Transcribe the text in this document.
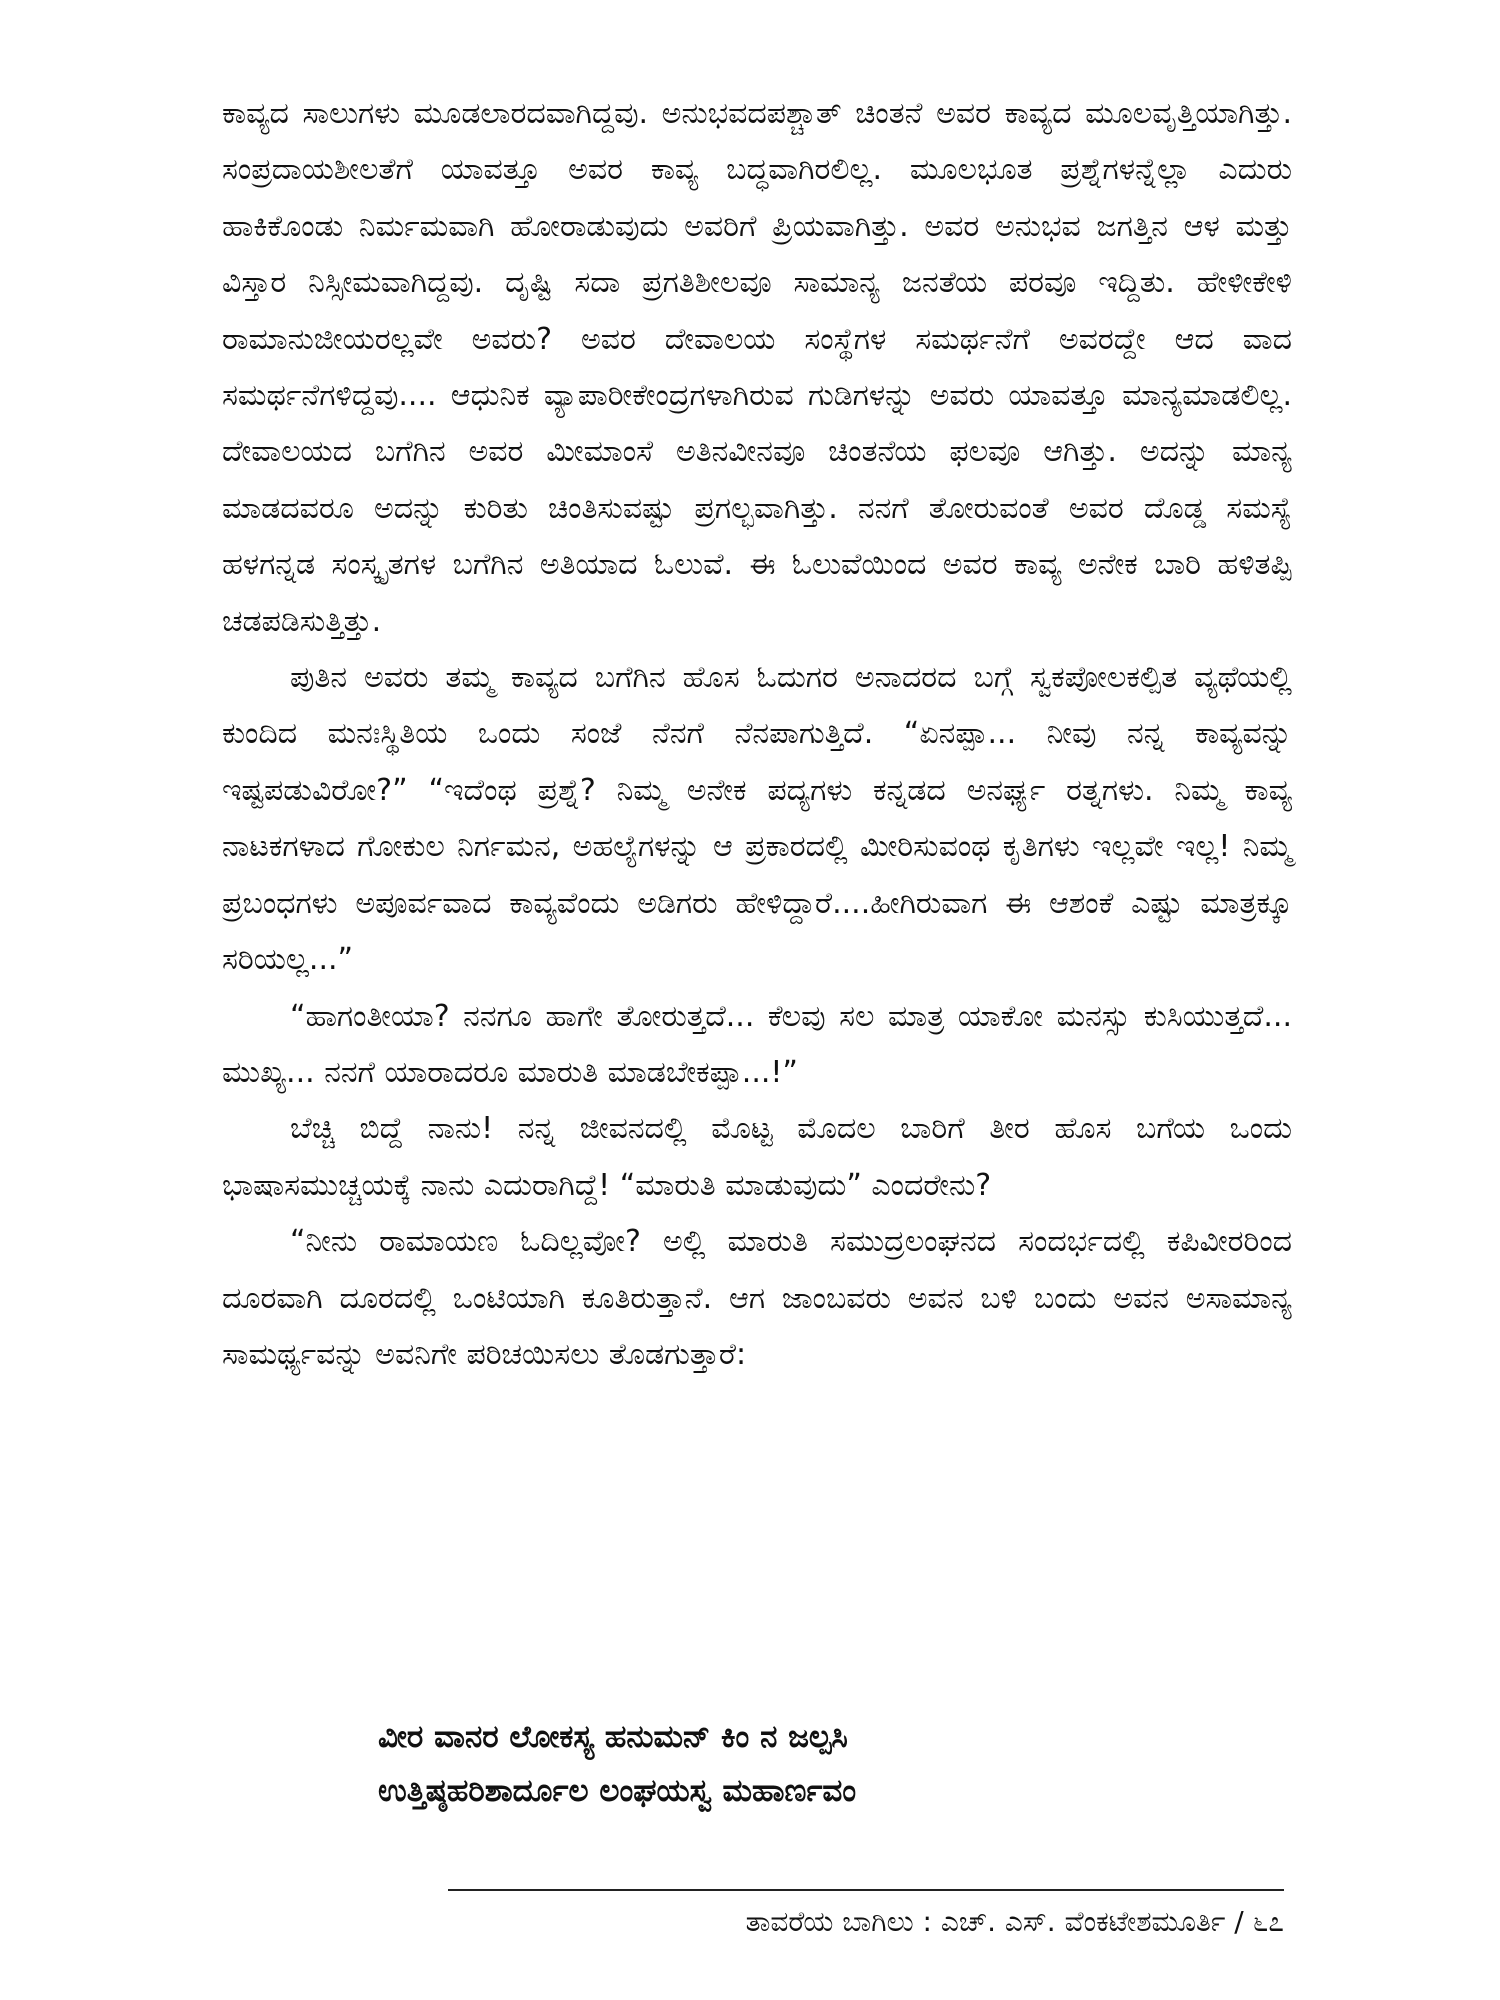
ಕಾವ್ಯದ ಸಾಲುಗಳು ಮೂಡಲಾರದವಾಗಿದ್ದವು. ಅನುಭವದಪಶ್ಚಾತ್ ಚಿಂತನೆ ಅವರ ಕಾವ್ಯದ ಮೂಲವೃತ್ತಿಯಾಗಿತ್ತು. ಸಂಪ್ರದಾಯಶೀಲತೆಗೆ ಯಾವತ್ತೂ ಅವರ ಕಾವ್ಯ ಬದ್ಧವಾಗಿರಲಿಲ್ಲ. ಮೂಲಭೂತ ಪ್ರಶ್ನೆಗಳನ್ನೆಲ್ಲಾ ಎದುರು ಹಾಕಿಕೊಂಡು ನಿರ್ಮಮವಾಗಿ ಹೋರಾಡುವುದು ಅವರಿಗೆ ಪ್ರಿಯವಾಗಿತ್ತು. ಅವರ ಅನುಭವ ಜಗತ್ತಿನ ಆಳ ಮತ್ತು ವಿಸ್ತಾರ ನಿಸ್ಸೀಮವಾಗಿದ್ದವು. ದೃಷ್ಟಿ ಸದಾ ಪ್ರಗತಿಶೀಲವೂ ಸಾಮಾನ್ಯ ಜನತೆಯ ಪರವೂ ಇದ್ದಿತು. ಹೇಳೀಕೇಳಿ ರಾಮಾನುಜೀಯರಲ್ಲವೇ ಅವರು? ಅವರ ದೇವಾಲಯ ಸಂಸ್ಥೆಗಳ ಸಮರ್ಥನೆಗೆ ಅವರದ್ದೇ ಆದ ವಾದ ಸಮರ್ಥನೆಗಳಿದ್ದವು.... ಆಧುನಿಕ ವ್ಯಾಪಾರೀಕೇಂದ್ರಗಳಾಗಿರುವ ಗುಡಿಗಳನ್ನು ಅವರು ಯಾವತ್ತೂ ಮಾನ್ಯಮಾಡಲಿಲ್ಲ. ದೇವಾಲಯದ ಬಗೆಗಿನ ಅವರ ಮೀಮಾಂಸೆ ಅತಿನವೀನವೂ ಚಿಂತನೆಯ ಫಲವೂ ಆಗಿತ್ತು. ಅದನ್ನು ಮಾನ್ಯ ಮಾಡದವರೂ ಅದನ್ನು ಕುರಿತು ಚಿಂತಿಸುವಷ್ಟು ಪ್ರಗಲ್ಭವಾಗಿತ್ತು. ನನಗೆ ತೋರುವಂತೆ ಅವರ ದೊಡ್ಡ ಸಮಸ್ಯೆ ಹಳಗನ್ನಡ ಸಂಸ್ಕೃತಗಳ ಬಗೆಗಿನ ಅತಿಯಾದ ಓಲುವೆ. ಈ ಓಲುವೆಯಿಂದ ಅವರ ಕಾವ್ಯ ಅನೇಕ ಬಾರಿ ಹಳಿತಪ್ಪಿ ಚಡಪಡಿಸುತ್ತಿತ್ತು.

ಪುತಿನ ಅವರು ತಮ್ಮ ಕಾವ್ಯದ ಬಗೆಗಿನ ಹೊಸ ಓದುಗರ ಅನಾದರದ ಬಗ್ಗೆ ಸ್ವಕಪೋಲಕಲ್ಪಿತ ವ್ಯಥೆಯಲ್ಲಿ ಕುಂದಿದ ಮನಃಸ್ಥಿತಿಯ ಒಂದು ಸಂಜೆ ನೆನಗೆ ನೆನಪಾಗುತ್ತಿದೆ. “ಏನಪ್ಪಾ... ನೀವು ನನ್ನ ಕಾವ್ಯವನ್ನು ಇಷ್ಟಪಡುವಿರೋ?” “ಇದೆಂಥ ಪ್ರಶ್ನೆ? ನಿಮ್ಮ ಅನೇಕ ಪದ್ಯಗಳು ಕನ್ನಡದ ಅನರ್ಘ್ಯ ರತ್ನಗಳು. ನಿಮ್ಮ ಕಾವ್ಯ ನಾಟಕಗಳಾದ ಗೋಕುಲ ನಿರ್ಗಮನ, ಅಹಲ್ಯೆಗಳನ್ನು ಆ ಪ್ರಕಾರದಲ್ಲಿ ಮೀರಿಸುವಂಥ ಕೃತಿಗಳು ಇಲ್ಲವೇ ಇಲ್ಲ! ನಿಮ್ಮ ಪ್ರಬಂಧಗಳು ಅಪೂರ್ವವಾದ ಕಾವ್ಯವೆಂದು ಅಡಿಗರು ಹೇಳಿದ್ದಾರೆ....ಹೀಗಿರುವಾಗ ಈ ಆಶಂಕೆ ಎಷ್ಟು ಮಾತ್ರಕ್ಕೂ ಸರಿಯಲ್ಲ...”

“ಹಾಗಂತೀಯಾ? ನನಗೂ ಹಾಗೇ ತೋರುತ್ತದೆ... ಕೆಲವು ಸಲ ಮಾತ್ರ ಯಾಕೋ ಮನಸ್ಸು ಕುಸಿಯುತ್ತದೆ... ಮುಖ್ಯ... ನನಗೆ ಯಾರಾದರೂ ಮಾರುತಿ ಮಾಡಬೇಕಪ್ಪಾ...!”

ಬೆಚ್ಚಿ ಬಿದ್ದೆ ನಾನು! ನನ್ನ ಜೀವನದಲ್ಲಿ ಮೊಟ್ಟ ಮೊದಲ ಬಾರಿಗೆ ತೀರ ಹೊಸ ಬಗೆಯ ಒಂದು ಭಾಷಾಸಮುಚ್ಚಯಕ್ಕೆ ನಾನು ಎದುರಾಗಿದ್ದೆ! “ಮಾರುತಿ ಮಾಡುವುದು” ಎಂದರೇನು?

“ನೀನು ರಾಮಾಯಣ ಓದಿಲ್ಲವೋ? ಅಲ್ಲಿ ಮಾರುತಿ ಸಮುದ್ರಲಂಘನದ ಸಂದರ್ಭದಲ್ಲಿ ಕಪಿವೀರರಿಂದ ದೂರವಾಗಿ ದೂರದಲ್ಲಿ ಒಂಟಿಯಾಗಿ ಕೂತಿರುತ್ತಾನೆ. ಆಗ ಜಾಂಬವರು ಅವನ ಬಳಿ ಬಂದು ಅವನ ಅಸಾಮಾನ್ಯ ಸಾಮರ್ಥ್ಯವನ್ನು ಅವನಿಗೇ ಪರಿಚಯಿಸಲು ತೊಡಗುತ್ತಾರೆ:

ವೀರ ವಾನರ ಲೋಕಸ್ಯ ಹನುಮನ್ ಕಿಂ ನ ಜಲ್ಪಸಿ
ಉತ್ತಿಷ್ಠಹರಿಶಾರ್ದೂಲ ಲಂಘಯಸ್ವ ಮಹಾರ್ಣವಂ
ತಾವರೆಯ ಬಾಗಿಲು : ಎಚ್. ಎಸ್. ವೆಂಕಟೇಶಮೂರ್ತಿ / ೬೭
